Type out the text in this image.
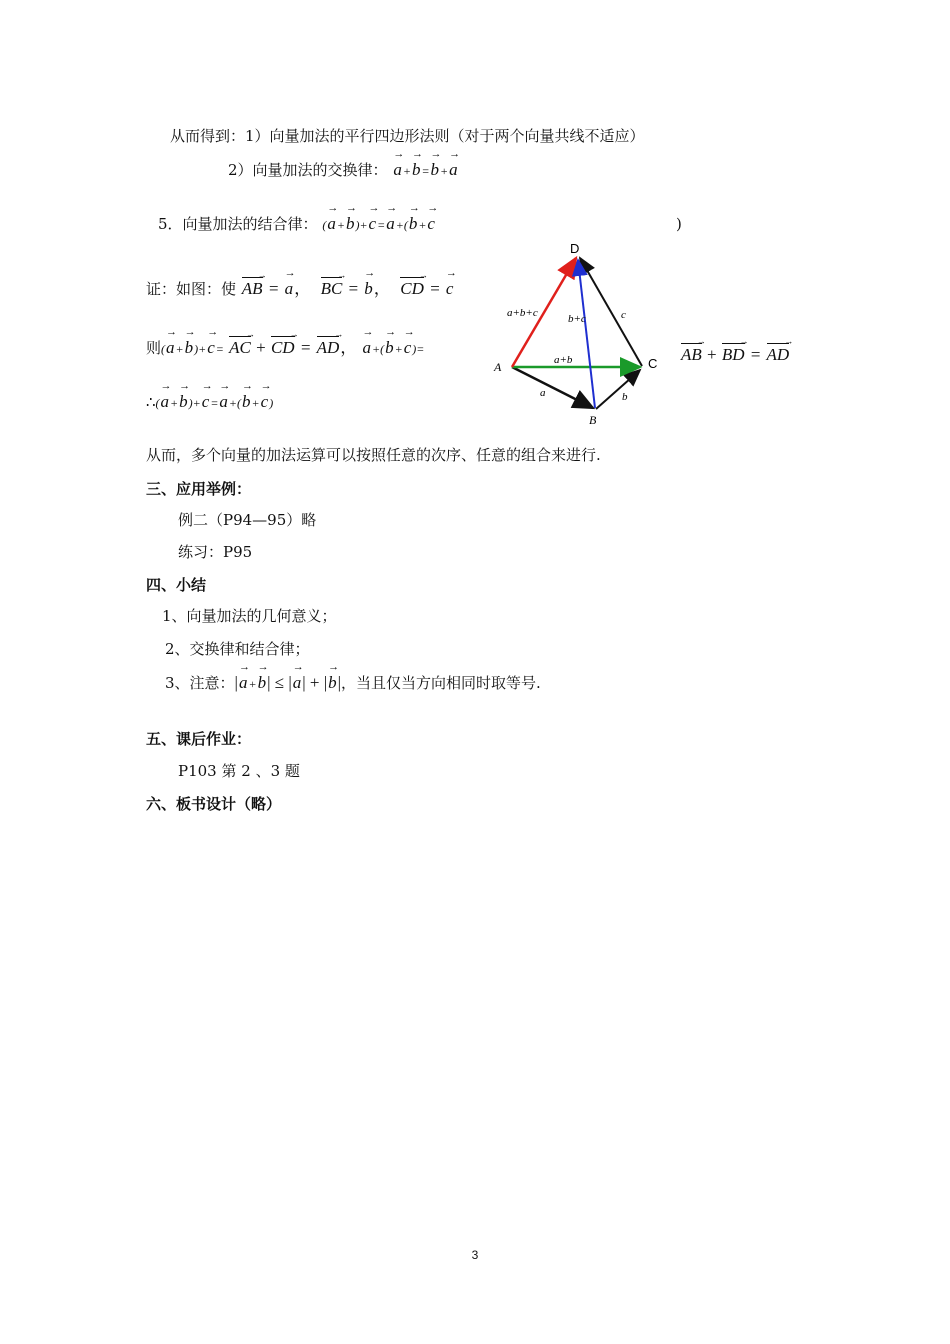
从而得到：1）向量加法的平行四边形法则（对于两个向量共线不适应）
2）向量加法的交换律：
→
a+
→
b=
→
b+
→
a
5．向量加法的结合律： (
→
a+
→
b)+
→
c=
→
a+(
→
b+
→
c	)
证：如图：使
→
AB =
→
a，
→
BC =
→
b，
→
CD =
→
c
则(
→
a+
→
b)+
→
c=
→
AC +
→
CD =
→
AD，
→
a+(
→
b+
→
c)=
→
AB +
→
BD =
→
AD
∴(
→
a+
→
b)+
→
c=
→
a+(
→
b+
→
c)
D
A	C
B
a+b+c	b+c	c
a+b
a	b
从而，多个向量的加法运算可以按照任意的次序、任意的组合来进行.
三、应用举例：
例二（P94—95）略
练习：P95
四、小结
1、向量加法的几何意义；
2、交换律和结合律；
3、注意：|
→
a+
→
b| ≤ |
→
a| + |
→
b|，当且仅当方向相同时取等号.
五、课后作业：
P103 第 2 、3 题
六、板书设计（略）
3
